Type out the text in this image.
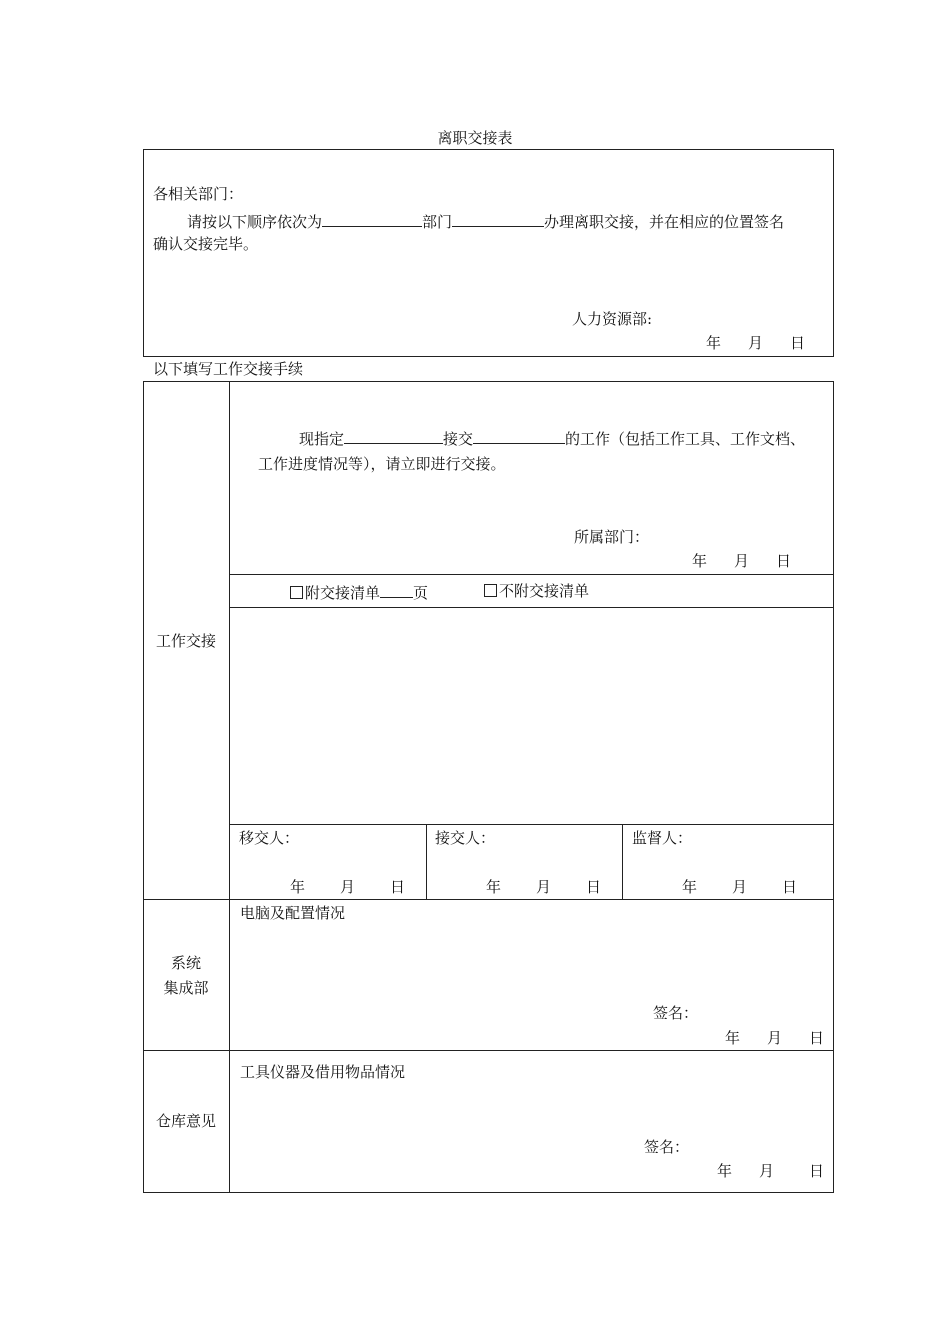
离职交接表
各相关部门：
请按以下顺序依次为	部门	办理离职交接，并在相应的位置签名
确认交接完毕。
人力资源部:
年 月 日
以下填写工作交接手续
工作交接
现指定	接交	的工作（包括工作工具、工作文档、
工作进度情况等），请立即进行交接。
所属部门：
年 月 日
附交接清单 页	不附交接清单
移交人：	接交人：	监督人：
年 月 日	年 月 日	年 月 日
系统
集成部
电脑及配置情况
签名：
年 月 日
仓库意见
工具仪器及借用物品情况
签名：
年 月 日
